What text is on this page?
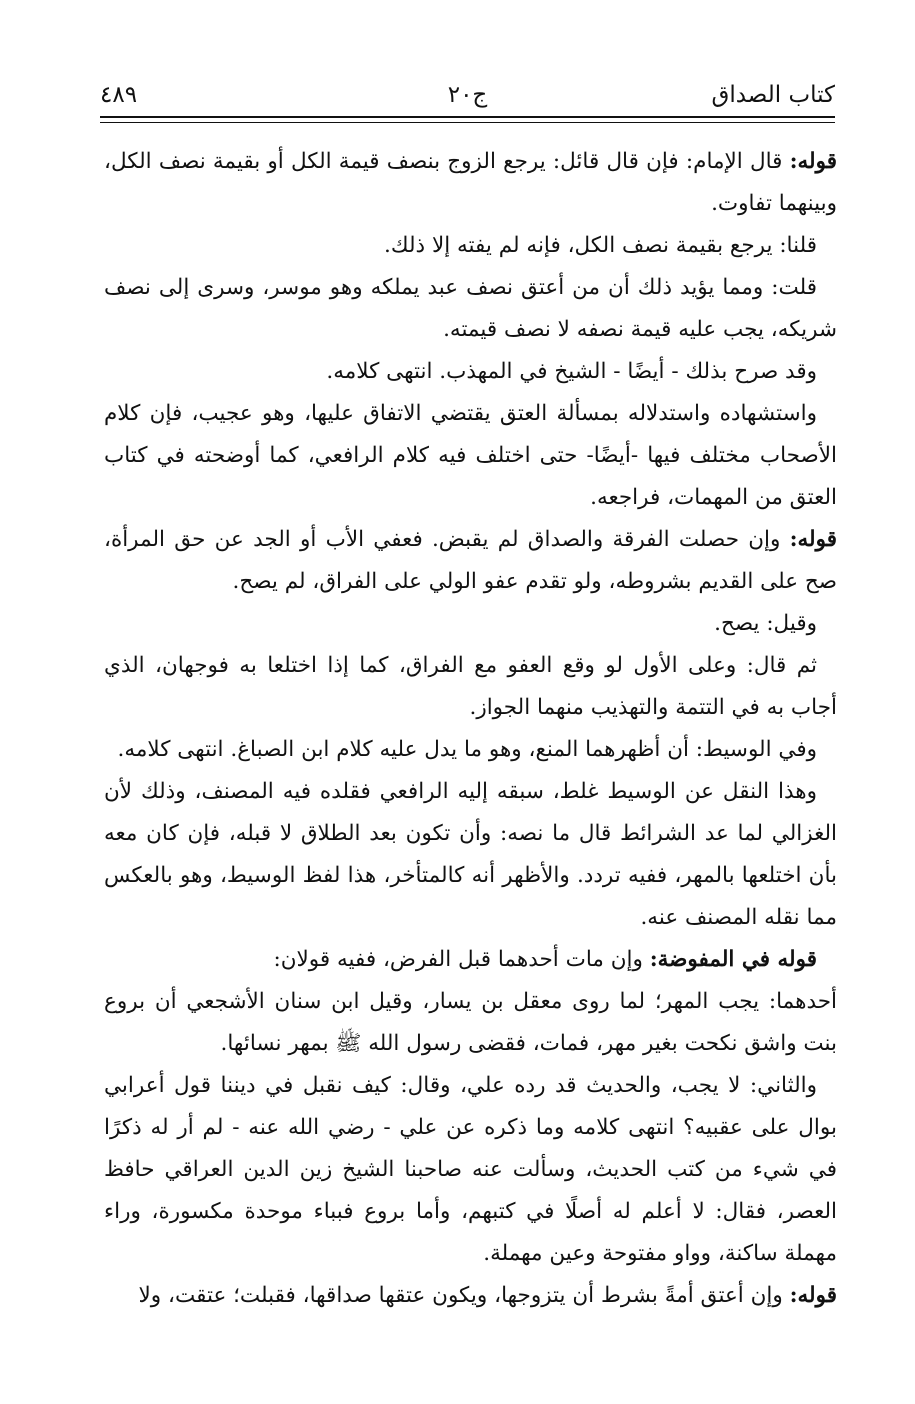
كتاب الصداق
ج٢٠
٤٨٩

قوله: قال الإمام: فإن قال قائل: يرجع الزوج بنصف قيمة الكل أو بقيمة نصف الكل، وبينهما تفاوت.

قلنا: يرجع بقيمة نصف الكل، فإنه لم يفته إلا ذلك.

قلت: ومما يؤيد ذلك أن من أعتق نصف عبد يملكه وهو موسر، وسرى إلى نصف شريكه، يجب عليه قيمة نصفه لا نصف قيمته.

وقد صرح بذلك - أيضًا - الشيخ في المهذب. انتهى كلامه.

واستشهاده واستدلاله بمسألة العتق يقتضي الاتفاق عليها، وهو عجيب، فإن كلام الأصحاب مختلف فيها -أيضًا- حتى اختلف فيه كلام الرافعي، كما أوضحته في كتاب العتق من المهمات، فراجعه.

قوله: وإن حصلت الفرقة والصداق لم يقبض. فعفي الأب أو الجد عن حق المرأة، صح على القديم بشروطه، ولو تقدم عفو الولي على الفراق، لم يصح.

وقيل: يصح.

ثم قال: وعلى الأول لو وقع العفو مع الفراق، كما إذا اختلعا به فوجهان، الذي أجاب به في التتمة والتهذيب منهما الجواز.

وفي الوسيط: أن أظهرهما المنع، وهو ما يدل عليه كلام ابن الصباغ. انتهى كلامه.

وهذا النقل عن الوسيط غلط، سبقه إليه الرافعي فقلده فيه المصنف، وذلك لأن الغزالي لما عد الشرائط قال ما نصه: وأن تكون بعد الطلاق لا قبله، فإن كان معه بأن اختلعها بالمهر، ففيه تردد. والأظهر أنه كالمتأخر، هذا لفظ الوسيط، وهو بالعكس مما نقله المصنف عنه.

قوله في المفوضة: وإن مات أحدهما قبل الفرض، ففيه قولان:

أحدهما: يجب المهر؛ لما روى معقل بن يسار، وقيل ابن سنان الأشجعي أن بروع بنت واشق نكحت بغير مهر، فمات، فقضى رسول الله ﷺ بمهر نسائها.

والثاني: لا يجب، والحديث قد رده علي، وقال: كيف نقبل في ديننا قول أعرابي بوال على عقبيه؟ انتهى كلامه وما ذكره عن علي - رضي الله عنه - لم أر له ذكرًا في شيء من كتب الحديث، وسألت عنه صاحبنا الشيخ زين الدين العراقي حافظ العصر، فقال: لا أعلم له أصلًا في كتبهم، وأما بروع فبباء موحدة مكسورة، وراء مهملة ساكنة، وواو مفتوحة وعين مهملة.

قوله: وإن أعتق أمةً بشرط أن يتزوجها، ويكون عتقها صداقها، فقبلت؛ عتقت، ولا
